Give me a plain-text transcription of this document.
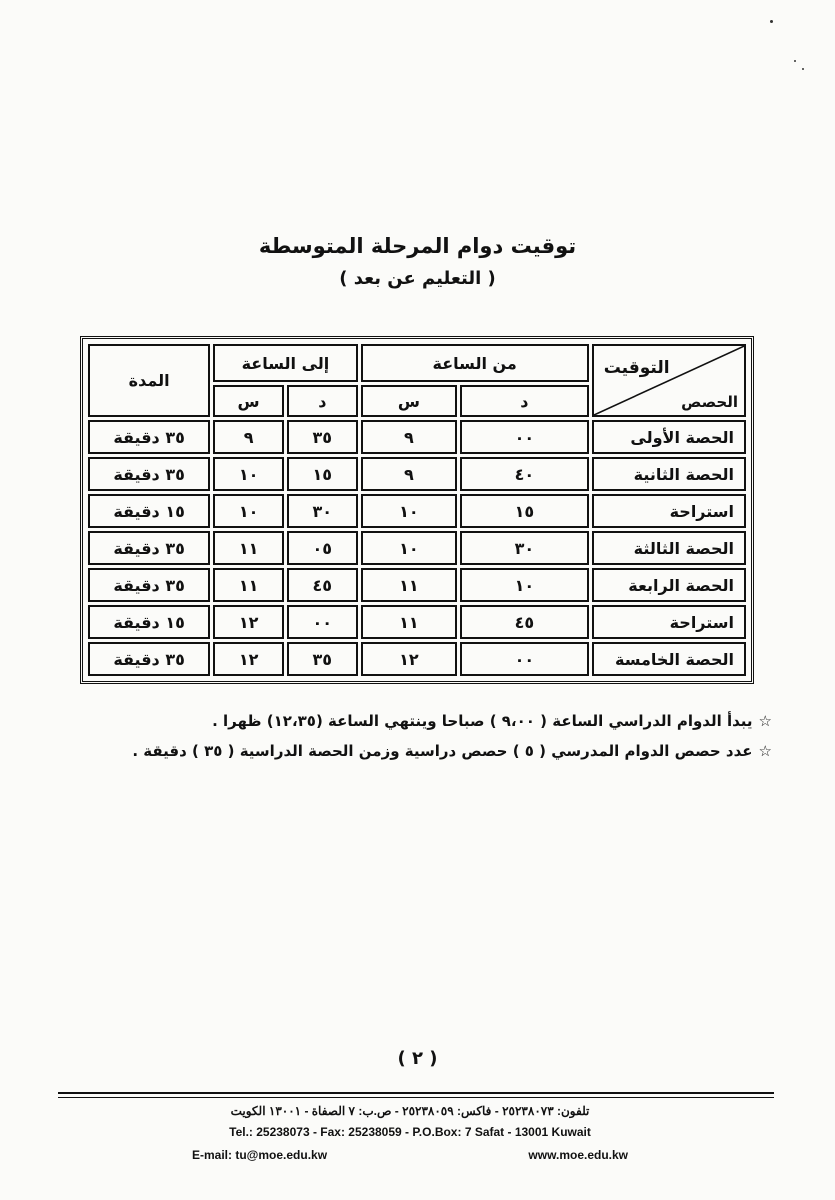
توقيت دوام المرحلة المتوسطة
( التعليم عن بعد )
التوقيت
الحصص	من الساعة		إلى الساعة		المدة
	د	س	د	س	
الحصة الأولى	٠٠	٩	٣٥	٩	٣٥ دقيقة
الحصة الثانية	٤٠	٩	١٥	١٠	٣٥ دقيقة
استراحة	١٥	١٠	٣٠	١٠	١٥ دقيقة
الحصة الثالثة	٣٠	١٠	٠٥	١١	٣٥ دقيقة
الحصة الرابعة	١٠	١١	٤٥	١١	٣٥ دقيقة
استراحة	٤٥	١١	٠٠	١٢	١٥ دقيقة
الحصة الخامسة	٠٠	١٢	٣٥	١٢	٣٥ دقيقة
☆يبدأ الدوام الدراسي الساعة ( ٩،٠٠ ) صباحا وينتهي الساعة (١٢،٣٥) ظهرا .
☆عدد حصص الدوام المدرسي ( ٥ ) حصص دراسية وزمن الحصة الدراسية ( ٣٥ ) دقيقة .
( ٢ )
تلفون: ٢٥٢٣٨٠٧٣ - فاكس: ٢٥٢٣٨٠٥٩ - ص.ب: ٧ الصفاة - ١٣٠٠١ الكويت
Tel.: 25238073 - Fax: 25238059 - P.O.Box: 7 Safat - 13001 Kuwait
E-mail: tu@moe.edu.kw	www.moe.edu.kw
